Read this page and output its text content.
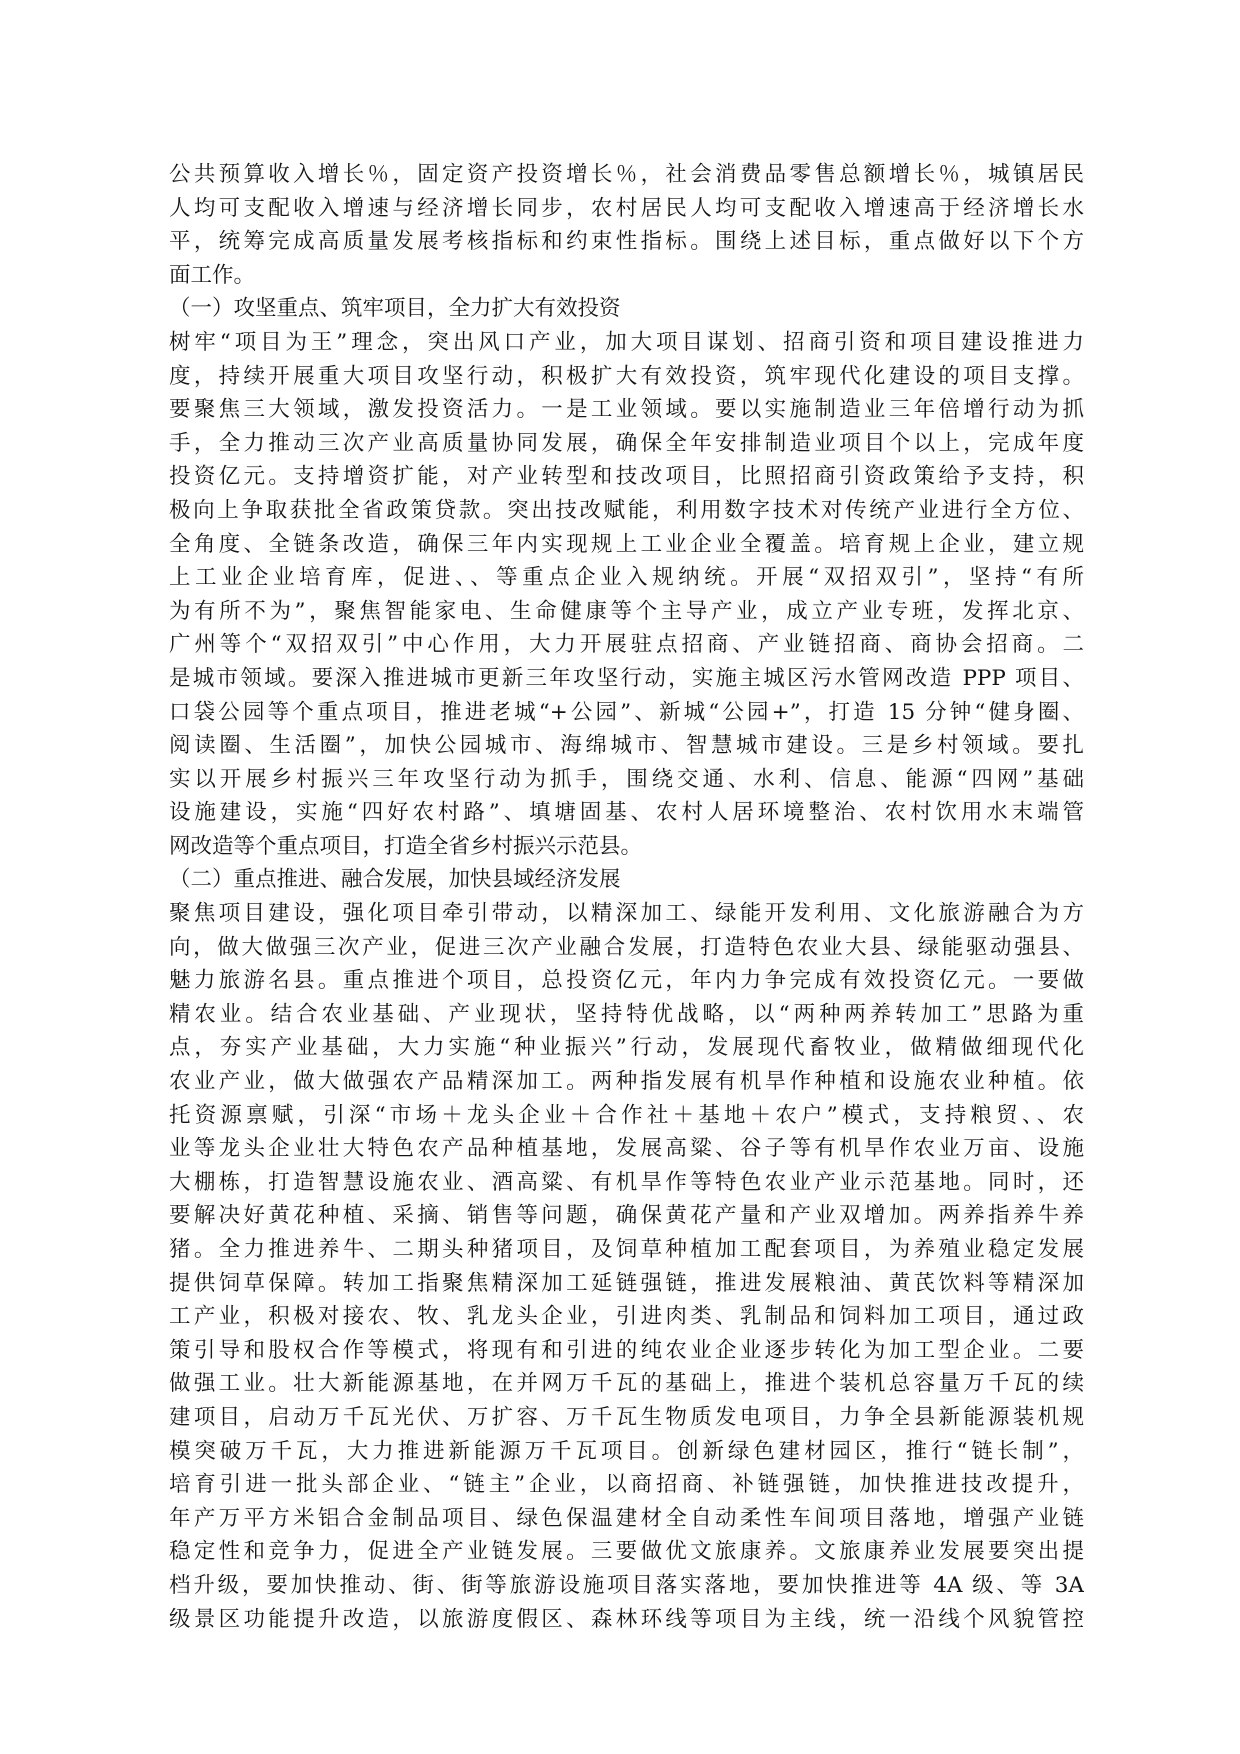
公共预算收入增长％，固定资产投资增长％，社会消费品零售总额增长％，城镇居民
人均可支配收入增速与经济增长同步，农村居民人均可支配收入增速高于经济增长水
平，统筹完成高质量发展考核指标和约束性指标。围绕上述目标，重点做好以下个方
面工作。
（一）攻坚重点、筑牢项目，全力扩大有效投资
树牢“项目为王”理念，突出风口产业，加大项目谋划、招商引资和项目建设推进力
度，持续开展重大项目攻坚行动，积极扩大有效投资，筑牢现代化建设的项目支撑。
要聚焦三大领域，激发投资活力。一是工业领域。要以实施制造业三年倍增行动为抓
手，全力推动三次产业高质量协同发展，确保全年安排制造业项目个以上，完成年度
投资亿元。支持增资扩能，对产业转型和技改项目，比照招商引资政策给予支持，积
极向上争取获批全省政策贷款。突出技改赋能，利用数字技术对传统产业进行全方位、
全角度、全链条改造，确保三年内实现规上工业企业全覆盖。培育规上企业，建立规
上工业企业培育库，促进、、等重点企业入规纳统。开展“双招双引”，坚持“有所
为有所不为”，聚焦智能家电、生命健康等个主导产业，成立产业专班，发挥北京、
广州等个“双招双引”中心作用，大力开展驻点招商、产业链招商、商协会招商。二
是城市领域。要深入推进城市更新三年攻坚行动，实施主城区污水管网改造 PPP 项目、
口袋公园等个重点项目，推进老城“+公园”、新城“公园+”，打造 15 分钟“健身圈、
阅读圈、生活圈”，加快公园城市、海绵城市、智慧城市建设。三是乡村领域。要扎
实以开展乡村振兴三年攻坚行动为抓手，围绕交通、水利、信息、能源“四网”基础
设施建设，实施“四好农村路”、填塘固基、农村人居环境整治、农村饮用水末端管
网改造等个重点项目，打造全省乡村振兴示范县。
（二）重点推进、融合发展，加快县域经济发展
聚焦项目建设，强化项目牵引带动，以精深加工、绿能开发利用、文化旅游融合为方
向，做大做强三次产业，促进三次产业融合发展，打造特色农业大县、绿能驱动强县、
魅力旅游名县。重点推进个项目，总投资亿元，年内力争完成有效投资亿元。一要做
精农业。结合农业基础、产业现状，坚持特优战略，以“两种两养转加工”思路为重
点，夯实产业基础，大力实施“种业振兴”行动，发展现代畜牧业，做精做细现代化
农业产业，做大做强农产品精深加工。两种指发展有机旱作种植和设施农业种植。依
托资源禀赋，引深“市场＋龙头企业＋合作社＋基地＋农户”模式，支持粮贸、、农
业等龙头企业壮大特色农产品种植基地，发展高粱、谷子等有机旱作农业万亩、设施
大棚栋，打造智慧设施农业、酒高粱、有机旱作等特色农业产业示范基地。同时，还
要解决好黄花种植、采摘、销售等问题，确保黄花产量和产业双增加。两养指养牛养
猪。全力推进养牛、二期头种猪项目，及饲草种植加工配套项目，为养殖业稳定发展
提供饲草保障。转加工指聚焦精深加工延链强链，推进发展粮油、黄芪饮料等精深加
工产业，积极对接农、牧、乳龙头企业，引进肉类、乳制品和饲料加工项目，通过政
策引导和股权合作等模式，将现有和引进的纯农业企业逐步转化为加工型企业。二要
做强工业。壮大新能源基地，在并网万千瓦的基础上，推进个装机总容量万千瓦的续
建项目，启动万千瓦光伏、万扩容、万千瓦生物质发电项目，力争全县新能源装机规
模突破万千瓦，大力推进新能源万千瓦项目。创新绿色建材园区，推行“链长制”，
培育引进一批头部企业、“链主”企业，以商招商、补链强链，加快推进技改提升，
年产万平方米铝合金制品项目、绿色保温建材全自动柔性车间项目落地，增强产业链
稳定性和竞争力，促进全产业链发展。三要做优文旅康养。文旅康养业发展要突出提
档升级，要加快推动、街、街等旅游设施项目落实落地，要加快推进等 4A 级、等 3A
级景区功能提升改造，以旅游度假区、森林环线等项目为主线，统一沿线个风貌管控
